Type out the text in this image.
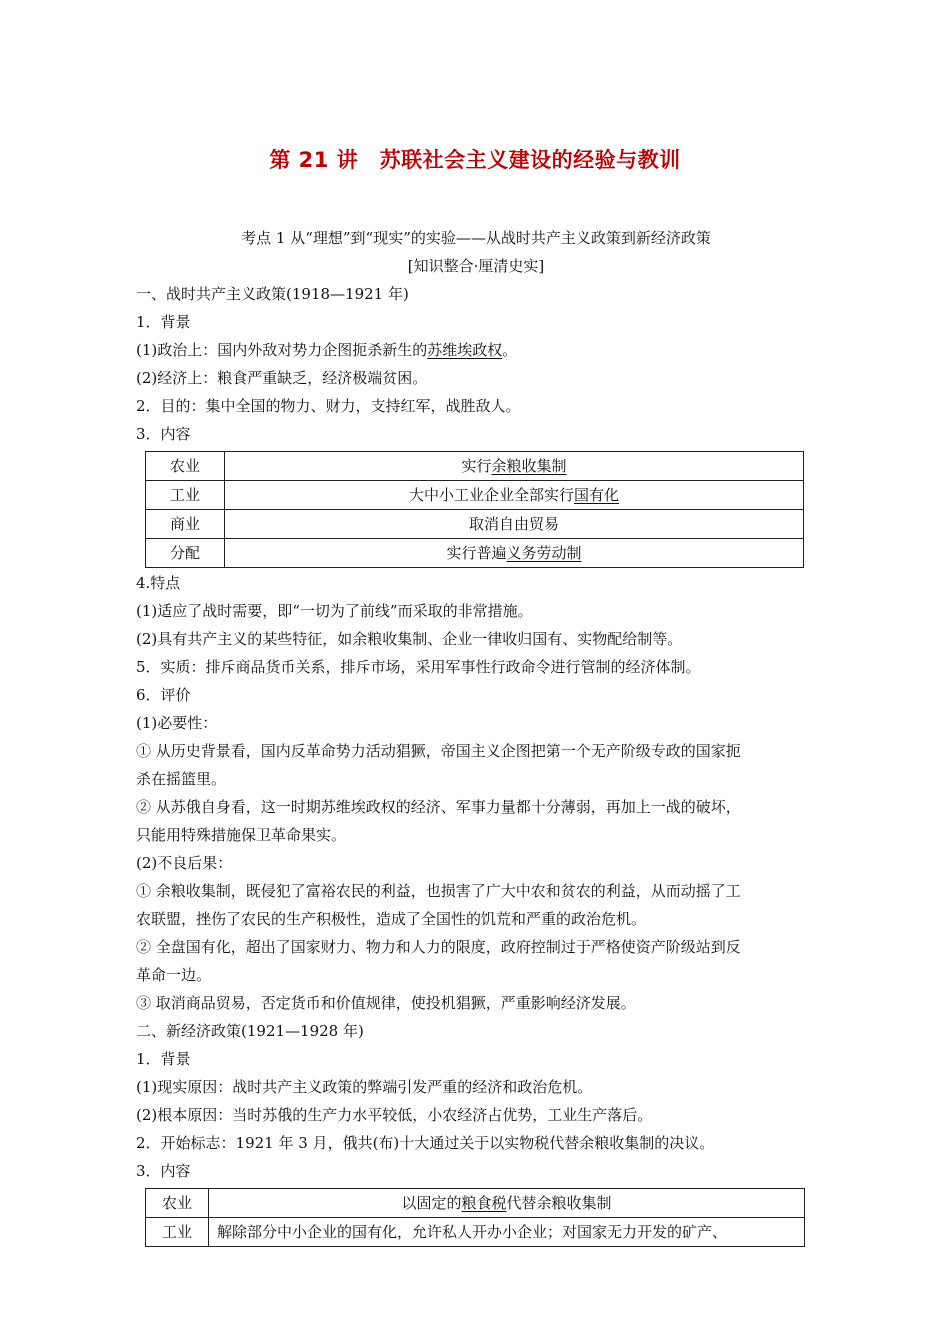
第 21 讲　苏联社会主义建设的经验与教训
考点 1 从“理想”到“现实”的实验——从战时共产主义政策到新经济政策
[知识整合·厘清史实]
一、战时共产主义政策(1918—1921 年)
1．背景
(1)政治上：国内外敌对势力企图扼杀新生的苏维埃政权。
(2)经济上：粮食严重缺乏，经济极端贫困。
2．目的：集中全国的物力、财力，支持红军，战胜敌人。
3．内容
农业	实行余粮收集制
工业	大中小工业企业全部实行国有化
商业	取消自由贸易
分配	实行普遍义务劳动制
4.特点
(1)适应了战时需要，即“一切为了前线”而采取的非常措施。
(2)具有共产主义的某些特征，如余粮收集制、企业一律收归国有、实物配给制等。
5．实质：排斥商品货币关系，排斥市场，采用军事性行政命令进行管制的经济体制。
6．评价
(1)必要性：
① 从历史背景看，国内反革命势力活动猖獗，帝国主义企图把第一个无产阶级专政的国家扼
杀在摇篮里。
② 从苏俄自身看，这一时期苏维埃政权的经济、军事力量都十分薄弱，再加上一战的破坏，
只能用特殊措施保卫革命果实。
(2)不良后果：
① 余粮收集制，既侵犯了富裕农民的利益，也损害了广大中农和贫农的利益，从而动摇了工
农联盟，挫伤了农民的生产积极性，造成了全国性的饥荒和严重的政治危机。
② 全盘国有化，超出了国家财力、物力和人力的限度，政府控制过于严格使资产阶级站到反
革命一边。
③ 取消商品贸易，否定货币和价值规律，使投机猖獗，严重影响经济发展。
二、新经济政策(1921—1928 年)
1．背景
(1)现实原因：战时共产主义政策的弊端引发严重的经济和政治危机。
(2)根本原因：当时苏俄的生产力水平较低，小农经济占优势，工业生产落后。
2．开始标志：1921 年 3 月，俄共(布)十大通过关于以实物税代替余粮收集制的决议。
3．内容
农业	以固定的粮食税代替余粮收集制
工业	解除部分中小企业的国有化，允许私人开办小企业；对国家无力开发的矿产、
